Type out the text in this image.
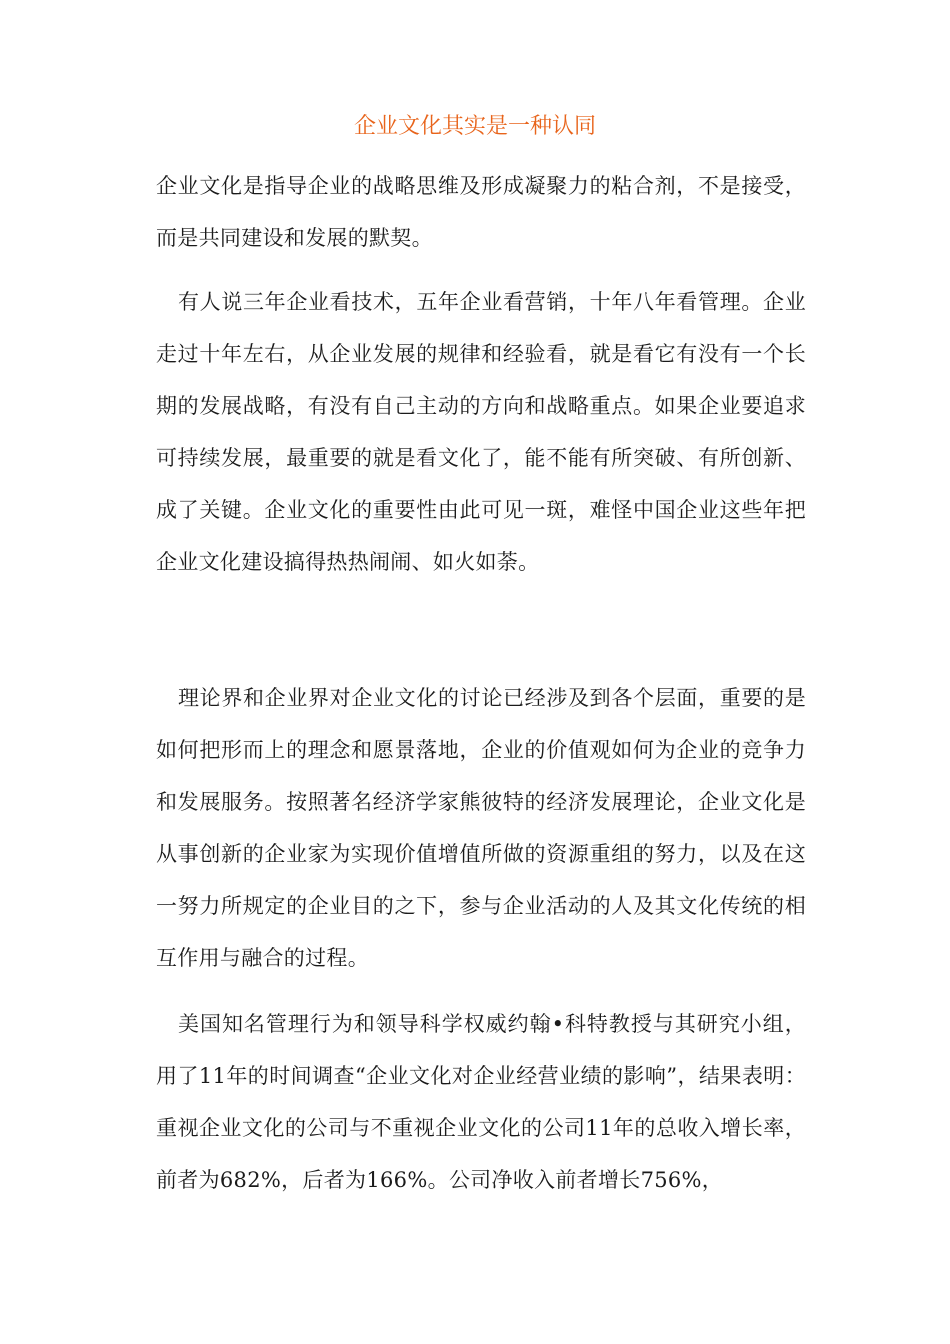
企业文化其实是一种认同

企业文化是指导企业的战略思维及形成凝聚力的粘合剂，不是接受，而是共同建设和发展的默契。

有人说三年企业看技术，五年企业看营销，十年八年看管理。企业走过十年左右，从企业发展的规律和经验看，就是看它有没有一个长期的发展战略，有没有自己主动的方向和战略重点。如果企业要追求可持续发展，最重要的就是看文化了，能不能有所突破、有所创新、成了关键。企业文化的重要性由此可见一斑，难怪中国企业这些年把企业文化建设搞得热热闹闹、如火如荼。

理论界和企业界对企业文化的讨论已经涉及到各个层面，重要的是如何把形而上的理念和愿景落地，企业的价值观如何为企业的竞争力和发展服务。按照著名经济学家熊彼特的经济发展理论，企业文化是从事创新的企业家为实现价值增值所做的资源重组的努力，以及在这一努力所规定的企业目的之下，参与企业活动的人及其文化传统的相互作用与融合的过程。

美国知名管理行为和领导科学权威约翰•科特教授与其研究小组，用了11年的时间调查“企业文化对企业经营业绩的影响”，结果表明：重视企业文化的公司与不重视企业文化的公司11年的总收入增长率，前者为682%，后者为166%。公司净收入前者增长756%，
